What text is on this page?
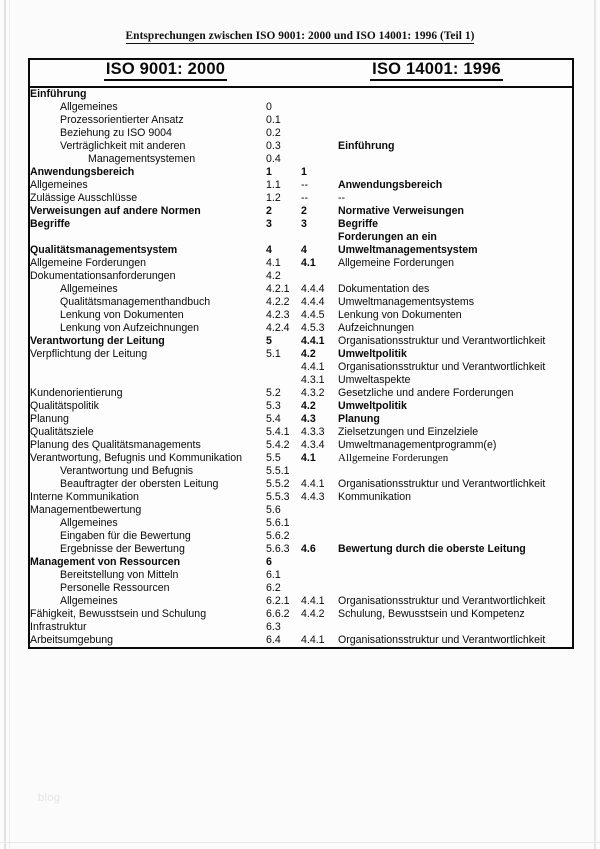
Entsprechungen zwischen ISO 9001: 2000 und ISO 14001: 1996 (Teil 1)
ISO 9001: 2000		ISO 14001: 1996	
Einführung			
Allgemeines	0		
Prozessorientierter Ansatz	0.1		
Beziehung zu ISO 9004	0.2		
Verträglichkeit mit anderen	0.3		Einführung
Managementsystemen	0.4		
Anwendungsbereich	1	1	
Allgemeines	1.1	--	Anwendungsbereich
Zulässige Ausschlüsse	1.2	--	--
Verweisungen auf andere Normen	2	2	Normative Verweisungen
Begriffe	3	3	Begriffe
			Forderungen an ein
Qualitätsmanagementsystem	4	4	Umweltmanagementsystem
Allgemeine Forderungen	4.1	4.1	Allgemeine Forderungen
Dokumentationsanforderungen	4.2		
Allgemeines	4.2.1	4.4.4	Dokumentation des
Qualitätsmanagementhandbuch	4.2.2	4.4.4	Umweltmanagementsystems
Lenkung von Dokumenten	4.2.3	4.4.5	Lenkung von Dokumenten
Lenkung von Aufzeichnungen	4.2.4	4.5.3	Aufzeichnungen
Verantwortung der Leitung	5	4.4.1	Organisationsstruktur und Verantwortlichkeit
Verpflichtung der Leitung	5.1	4.2	Umweltpolitik
		4.4.1	Organisationsstruktur und Verantwortlichkeit
		4.3.1	Umweltaspekte
Kundenorientierung	5.2	4.3.2	Gesetzliche und andere Forderungen
Qualitätspolitik	5.3	4.2	Umweltpolitik
Planung	5.4	4.3	Planung
Qualitätsziele	5.4.1	4.3.3	Zielsetzungen und Einzelziele
Planung des Qualitätsmanagements	5.4.2	4.3.4	Umweltmanagementprogramm(e)
Verantwortung, Befugnis und Kommunikation	5.5	4.1	Allgemeine Forderungen
Verantwortung und Befugnis	5.5.1		
Beauftragter der obersten Leitung	5.5.2	4.4.1	Organisationsstruktur und Verantwortlichkeit
Interne Kommunikation	5.5.3	4.4.3	Kommunikation
Managementbewertung	5.6		
Allgemeines	5.6.1		
Eingaben für die Bewertung	5.6.2		
Ergebnisse der Bewertung	5.6.3	4.6	Bewertung durch die oberste Leitung
Management von Ressourcen	6		
Bereitstellung von Mitteln	6.1		
Personelle Ressourcen	6.2		
Allgemeines	6.2.1	4.4.1	Organisationsstruktur und Verantwortlichkeit
Fähigkeit, Bewusstsein und Schulung	6.6.2	4.4.2	Schulung, Bewusstsein und Kompetenz
Infrastruktur	6.3		
Arbeitsumgebung	6.4	4.4.1	Organisationsstruktur und Verantwortlichkeit
blog
